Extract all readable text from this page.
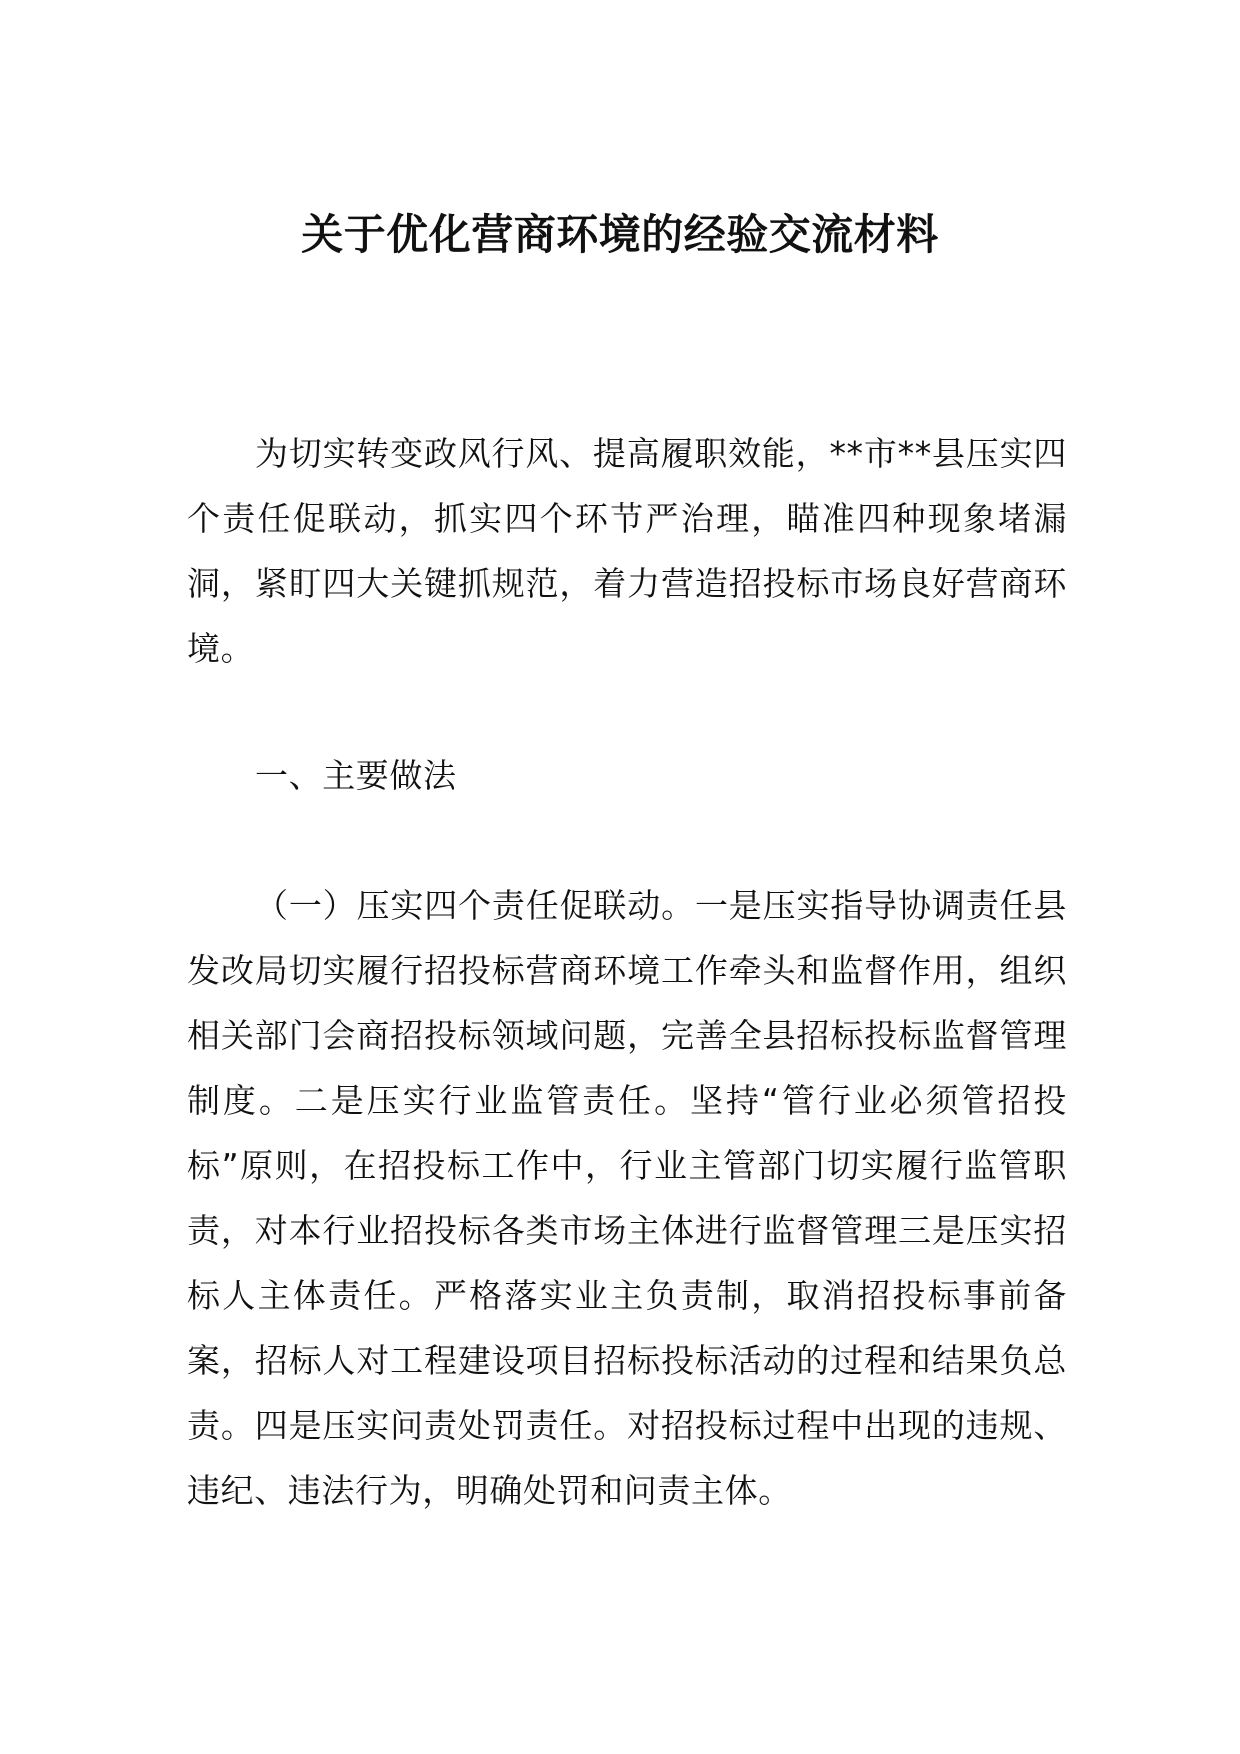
关于优化营商环境的经验交流材料

为切实转变政风行风、提高履职效能，**市**县压实四个责任促联动，抓实四个环节严治理，瞄准四种现象堵漏洞，紧盯四大关键抓规范，着力营造招投标市场良好营商环境。

一、主要做法

（一）压实四个责任促联动。一是压实指导协调责任县发改局切实履行招投标营商环境工作牵头和监督作用，组织相关部门会商招投标领域问题，完善全县招标投标监督管理制度。二是压实行业监管责任。坚持“管行业必须管招投标”原则，在招投标工作中，行业主管部门切实履行监管职责，对本行业招投标各类市场主体进行监督管理三是压实招标人主体责任。严格落实业主负责制，取消招投标事前备案，招标人对工程建设项目招标投标活动的过程和结果负总责。四是压实问责处罚责任。对招投标过程中出现的违规、违纪、违法行为，明确处罚和问责主体。
